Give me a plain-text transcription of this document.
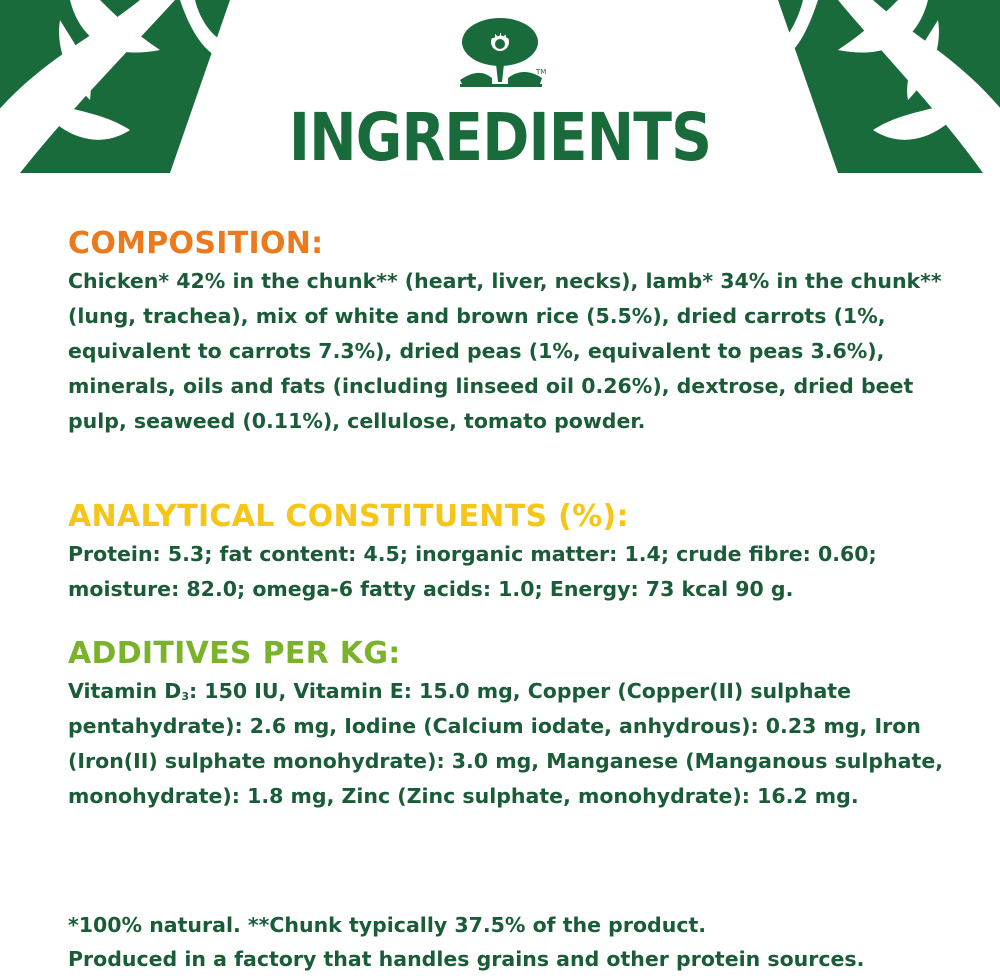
TM
INGREDIENTS
COMPOSITION:

Chicken* 42% in the chunk** (heart, liver, necks), lamb* 34% in the chunk** (lung, trachea), mix of white and brown rice (5.5%), dried carrots (1%, equivalent to carrots 7.3%), dried peas (1%, equivalent to peas 3.6%), minerals, oils and fats (including linseed oil 0.26%), dextrose, dried beet pulp, seaweed (0.11%), cellulose, tomato powder.

ANALYTICAL CONSTITUENTS (%):

Protein: 5.3; fat content: 4.5; inorganic matter: 1.4; crude fibre: 0.60; moisture: 82.0; omega-6 fatty acids: 1.0; Energy: 73 kcal 90 g.

ADDITIVES PER KG:

Vitamin $D_3$: 150 IU, Vitamin E: 15.0 mg, Copper (Copper(II) sulphate pentahydrate): 2.6 mg, Iodine (Calcium iodate, anhydrous): 0.23 mg, Iron (Iron(II) sulphate monohydrate): 3.0 mg, Manganese (Manganous sulphate, monohydrate): 1.8 mg, Zinc (Zinc sulphate, monohydrate): 16.2 mg.

*100% natural. **Chunk typically 37.5% of the product.

Produced in a factory that handles grains and other protein sources.
